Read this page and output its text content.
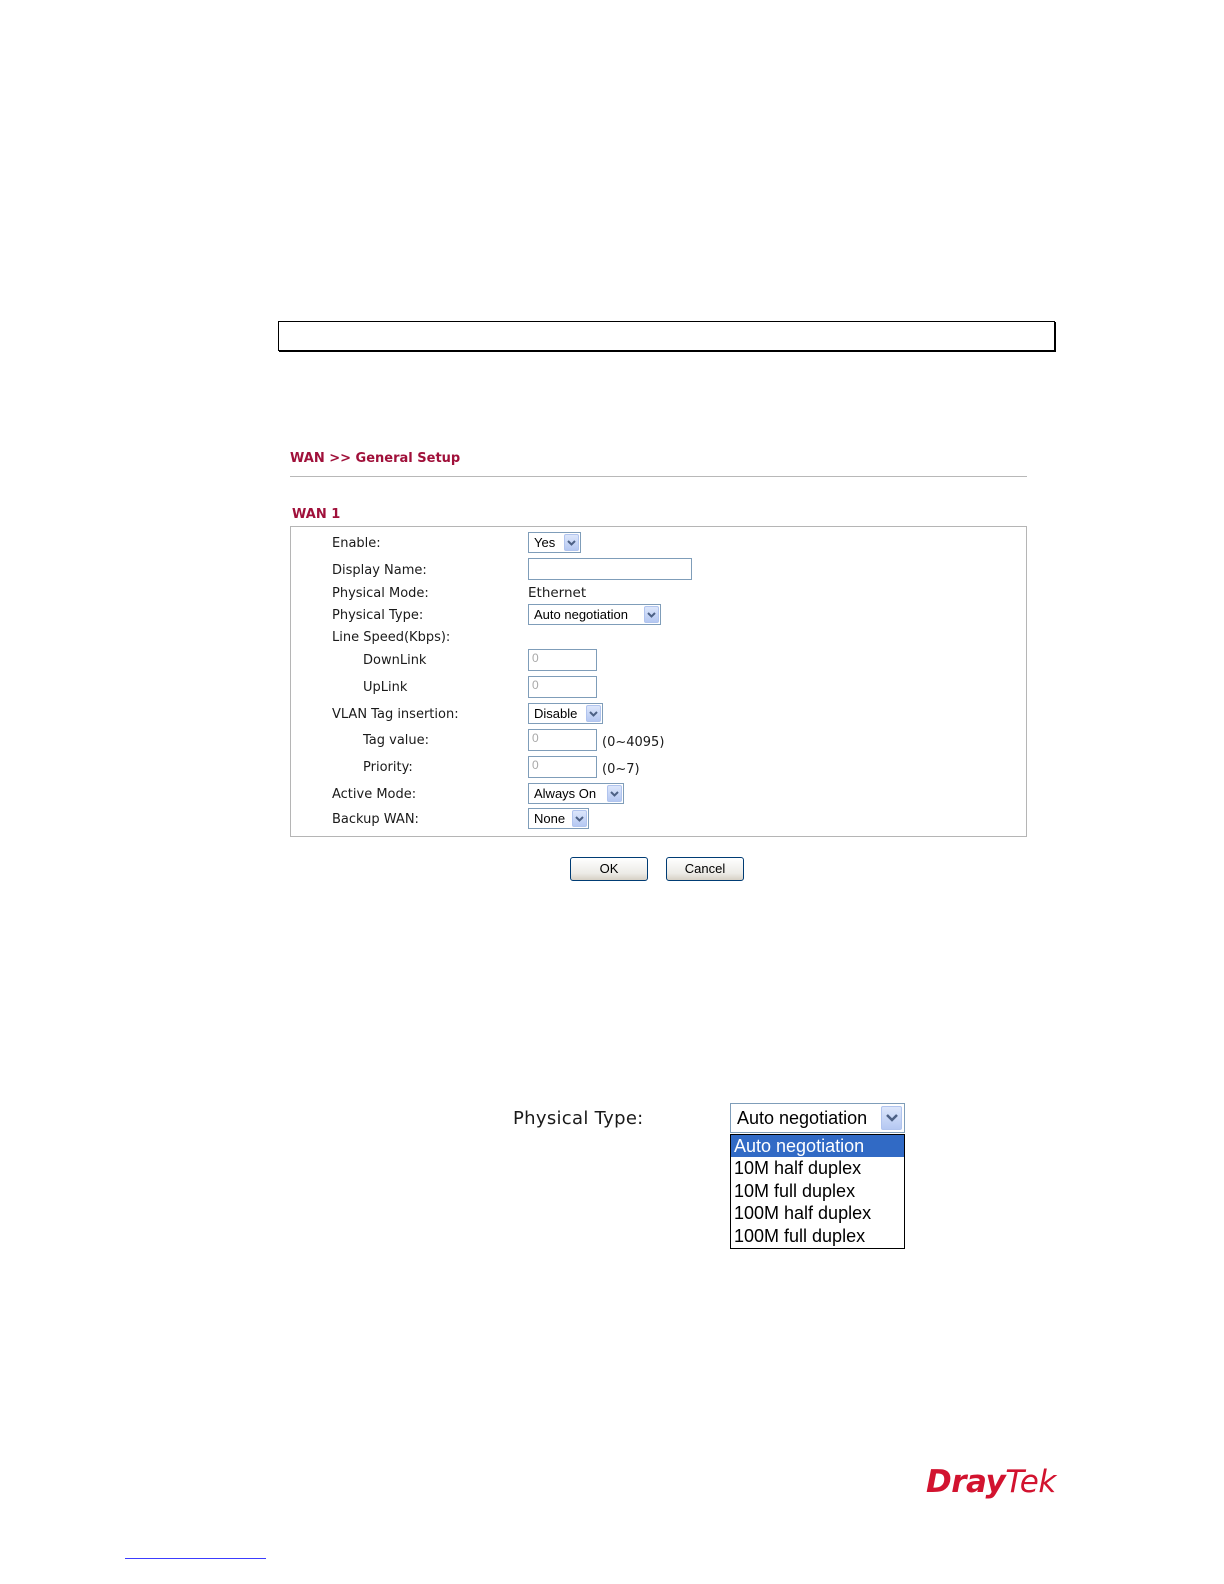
WAN >> General Setup
WAN 1
Enable:	Yes
Display Name:
Physical Mode:	Ethernet
Physical Type:	Auto negotiation
Line Speed(Kbps):
DownLink	0
UpLink	0
VLAN Tag insertion:	Disable
Tag value:	0	(0~4095)
Priority:	0	(0~7)
Active Mode:	Always On
Backup WAN:	None
OK	Cancel
Physical Type:	Auto negotiation
Auto negotiation
10M half duplex
10M full duplex
100M half duplex
100M full duplex
DrayTek
